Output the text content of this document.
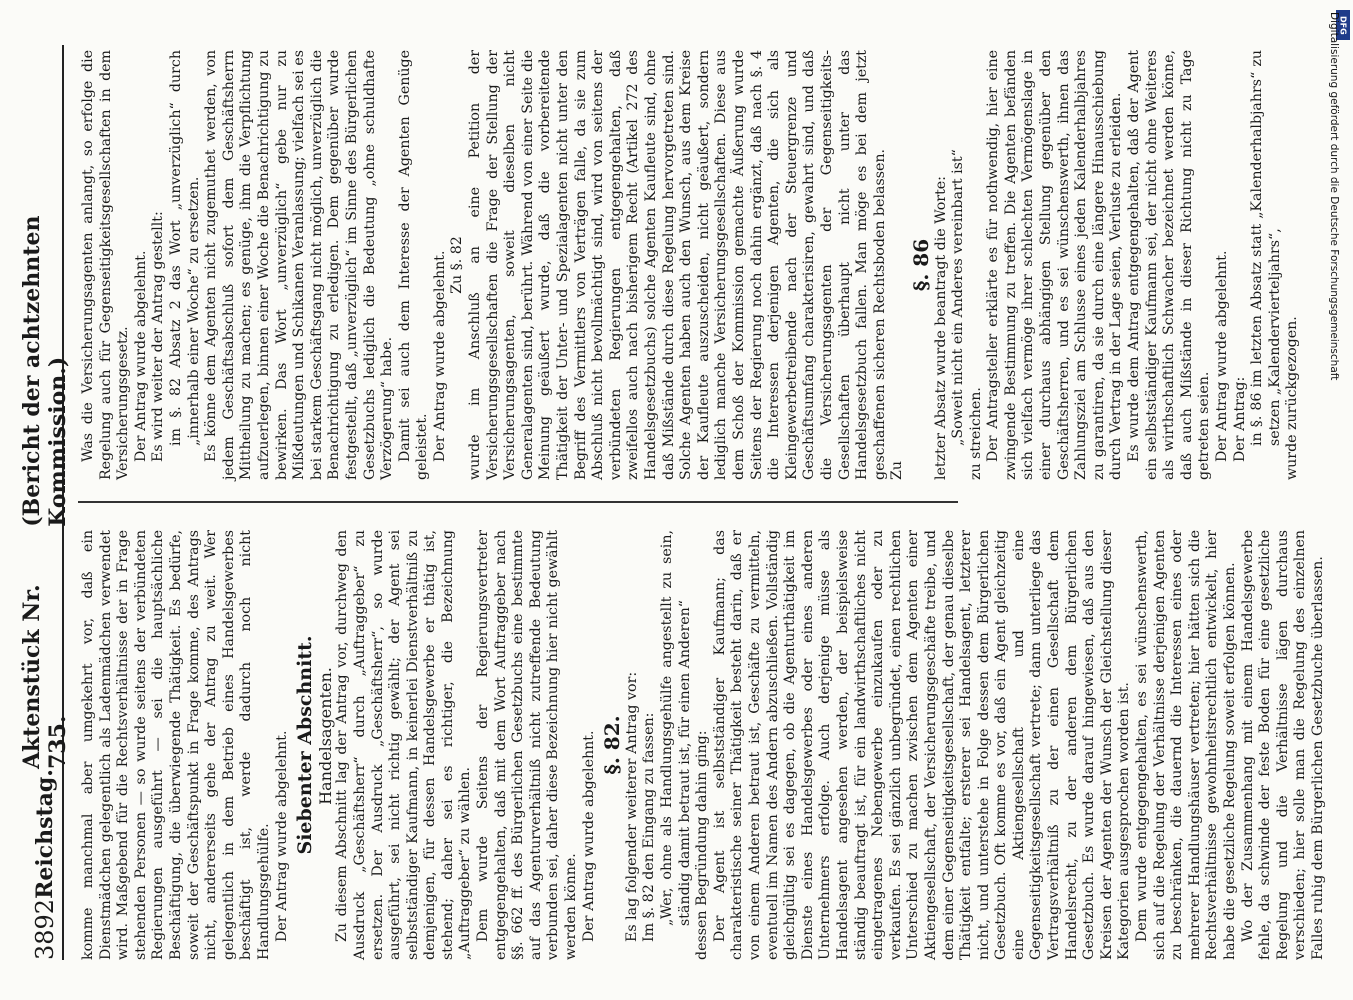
3892
Reichstag.
Aktenstück Nr. 735.
(Bericht der achtzehnten Kommission.)

komme manchmal aber umgekehrt vor, daß ein Dienstmädchen gelegentlich als Ladenmädchen verwendet wird. Maßgebend für die Rechtsverhältnisse der in Frage stehenden Personen — so wurde seitens der verbündeten Regierungen ausgeführt — sei die hauptsächliche Beschäftigung, die überwiegende Thätigkeit. Es bedürfe, soweit der Geschäftspunkt in Frage komme, des Antrags nicht, andererseits gehe der Antrag zu weit. Wer gelegentlich in dem Betrieb eines Handelsgewerbes beschäftigt ist, werde dadurch noch nicht Handlungsgehülfe. Der Antrag wurde abgelehnt. Siebenter Abschnitt. Handelsagenten. Zu diesem Abschnitt lag der Antrag vor, durchweg den Ausdruck „Geschäftsherr“ durch „Auftraggeber“ zu ersetzen. Der Ausdruck „Geschäftsherr“, so wurde ausgeführt, sei nicht richtig gewählt; der Agent sei selbstständiger Kaufmann, in keinerlei Dienstverhältniß zu demjenigen, für dessen Handelsgewerbe er thätig ist, stehend; daher sei es richtiger, die Bezeichnung „Auftraggeber“ zu wählen. Dem wurde Seitens der Regierungsvertreter entgegengehalten, daß mit dem Wort Auftraggeber nach §§. 662 ff. des Bürgerlichen Gesetzbuchs eine bestimmte auf das Agenturverhältniß nicht zutreffende Bedeutung verbunden sei, daher diese Bezeichnung hier nicht gewählt werden könne. Der Antrag wurde abgelehnt. §. 82. Es lag folgender weiterer Antrag vor: Im §. 82 den Eingang zu fassen: „Wer, ohne als Handlungsgehülfe angestellt zu sein, ständig damit betraut ist, für einen Anderen“ dessen Begründung dahin ging: Der Agent ist selbstständiger Kaufmann; das charakteristische seiner Thätigkeit besteht darin, daß er von einem Anderen betraut ist, Geschäfte zu vermitteln, eventuell im Namen des Andern abzuschließen. Vollständig gleichgültig sei es dagegen, ob die Agenturthätigkeit im Dienste eines Handelsgewerbes oder eines anderen Unternehmers erfolge. Auch derjenige müsse als Handelsagent angesehen werden, der beispielsweise ständig beauftragt ist, für ein landwirthschaftliches nicht eingetragenes Nebengewerbe einzukaufen oder zu verkaufen. Es sei gänzlich unbegründet, einen rechtlichen Unterschied zu machen zwischen dem Agenten einer Aktiengesellschaft, der Versicherungsgeschäfte treibe, und dem einer Gegenseitigkeitsgesellschaft, der genau dieselbe Thätigkeit entfalte; ersterer sei Handelsagent, letzterer nicht, und unterstehe in Folge dessen dem Bürgerlichen Gesetzbuch. Oft komme es vor, daß ein Agent gleichzeitig eine Aktiengesellschaft und eine Gegenseitigkeitsgesellschaft vertrete; dann unterliege das Vertragsverhältniß zu der einen Gesellschaft dem Handelsrecht, zu der anderen dem Bürgerlichen Gesetzbuch. Es wurde darauf hingewiesen, daß aus den Kreisen der Agenten der Wunsch der Gleichstellung dieser Kategorien ausgesprochen worden ist. Dem wurde entgegengehalten, es sei wünschenswerth, sich auf die Regelung der Verhältnisse derjenigen Agenten zu beschränken, die dauernd die Interessen eines oder mehrerer Handlungshäuser vertreten; hier hätten sich die Rechtsverhältnisse gewohnheitsrechtlich entwickelt, hier habe die gesetzliche Regelung soweit erfolgen können. Wo der Zusammenhang mit einem Handelsgewerbe fehle, da schwinde der feste Boden für eine gesetzliche Regelung und die Verhältnisse lägen durchaus verschieden; hier solle man die Regelung des einzelnen Falles ruhig dem Bürgerlichen Gesetzbuche überlassen.

Was die Versicherungsagenten anlangt, so erfolge die Regelung auch für Gegenseitigkeitsgesellschaften in dem Versicherungsgesetz. Der Antrag wurde abgelehnt. Es wird weiter der Antrag gestellt: im §. 82 Absatz 2 das Wort „unverzüglich“ durch „innerhalb einer Woche“ zu ersetzen. Es könne dem Agenten nicht zugemuthet werden, von jedem Geschäftsabschluß sofort dem Geschäftsherrn Mittheilung zu machen; es genüge, ihm die Verpflichtung aufzuerlegen, binnen einer Woche die Benachrichtigung zu bewirken. Das Wort „unverzüglich“ gebe nur zu Mißdeutungen und Schikanen Veranlassung; vielfach sei es bei starkem Geschäftsgang nicht möglich, unverzüglich die Benachrichtigung zu erledigen. Dem gegenüber wurde festgestellt, daß „unverzüglich“ im Sinne des Bürgerlichen Gesetzbuchs lediglich die Bedeutung „ohne schuldhafte Verzögerung“ habe. Damit sei auch dem Interesse der Agenten Genüge geleistet. Der Antrag wurde abgelehnt. Zu §. 82 wurde im Anschluß an eine Petition der Versicherungsgesellschaften die Frage der Stellung der Versicherungsagenten, soweit dieselben nicht Generalagenten sind, berührt. Während von einer Seite die Meinung geäußert wurde, daß die vorbereitende Thätigkeit der Unter- und Spezialagenten nicht unter den Begriff des Vermittlers von Verträgen falle, da sie zum Abschluß nicht bevollmächtigt sind, wird von seitens der verbündeten Regierungen entgegengehalten, daß zweifellos auch nach bisherigem Recht (Artikel 272 des Handelsgesetzbuchs) solche Agenten Kaufleute sind, ohne daß Mißstände durch diese Regelung hervorgetreten sind. Solche Agenten haben auch den Wunsch, aus dem Kreise der Kaufleute auszuscheiden, nicht geäußert, sondern lediglich manche Versicherungsgesellschaften. Diese aus dem Schoß der Kommission gemachte Äußerung wurde Seitens der Regierung noch dahin ergänzt, daß nach §. 4 die Interessen derjenigen Agenten, die sich als Kleingewerbetreibende nach der Steuergrenze und Geschäftsumfang charakterisiren, gewahrt sind, und daß die Versicherungsagenten der Gegenseitigkeits-Gesellschaften überhaupt nicht unter das Handelsgesetzbuch fallen. Man möge es bei dem jetzt geschaffenen sicheren Rechtsboden belassen. Zu

§. 86 letzter Absatz wurde beantragt die Worte: „Soweit nicht ein Anderes vereinbart ist“ zu streichen. Der Antragsteller erklärte es für nothwendig, hier eine zwingende Bestimmung zu treffen. Die Agenten befänden sich vielfach vermöge ihrer schlechten Vermögenslage in einer durchaus abhängigen Stellung gegenüber den Geschäftsherren, und es sei wünschenswerth, ihnen das Zahlungsziel am Schlusse eines jeden Kalenderhalbjahres zu garantiren, da sie durch eine längere Hinausschiebung durch Vertrag in der Lage seien, Verluste zu erleiden. Es wurde dem Antrag entgegengehalten, daß der Agent ein selbstständiger Kaufmann sei, der nicht ohne Weiteres als wirthschaftlich Schwacher bezeichnet werden könne, daß auch Mißstände in dieser Richtung nicht zu Tage getreten seien. Der Antrag wurde abgelehnt. Der Antrag: in §. 86 im letzten Absatz statt „Kalenderhalbjahrs“ zu setzen „Kalendervierteljahrs“, wurde zurückgezogen.

DFG
Digitalisierung gefördert durch die Deutsche Forschungsgemeinschaft
